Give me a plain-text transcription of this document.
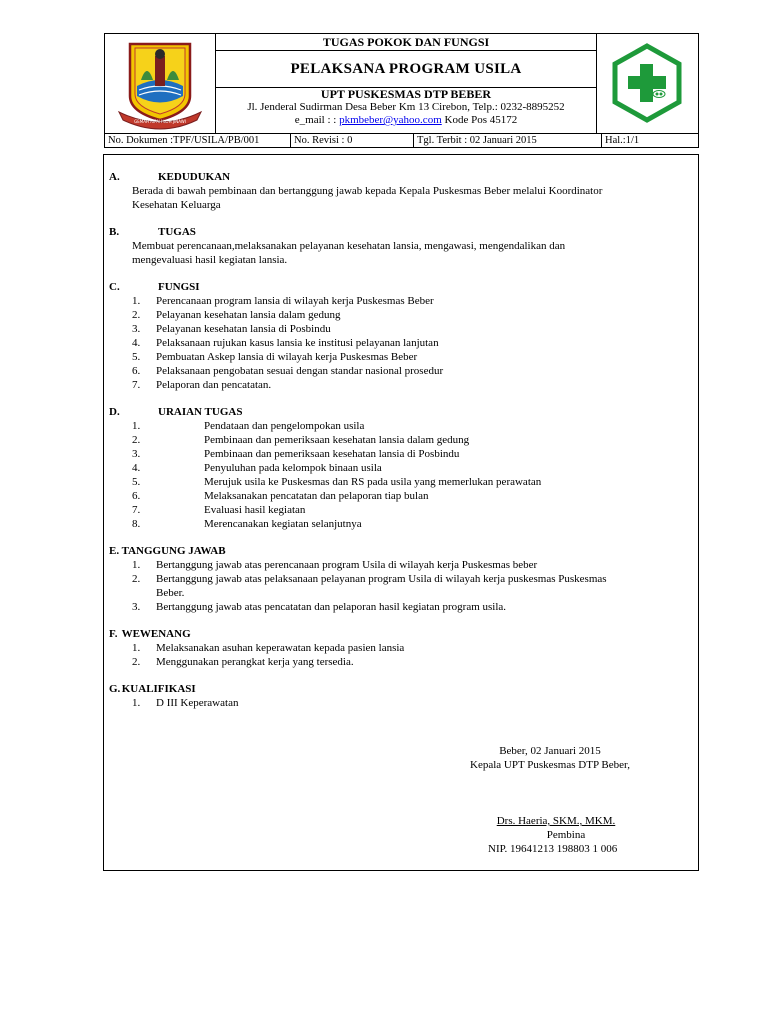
GEMAH RIPAH LOH JINAWI
TUGAS POKOK DAN FUNGSI
PELAKSANA PROGRAM USILA
UPT PUSKESMAS DTP BEBER
Jl. Jenderal Sudirman Desa Beber Km 13 Cirebon, Telp.: 0232-8895252
e_mail : : pkmbeber@yahoo.com Kode Pos 45172
No. Dokumen :TPF/USILA/PB/001	No. Revisi : 0	Tgl. Terbit : 02 Januari 2015	Hal.:1/1
A.	KEDUDUKAN
Berada di bawah pembinaan dan bertanggung jawab kepada Kepala Puskesmas Beber melalui Koordinator
Kesehatan Keluarga
B.	TUGAS
Membuat perencanaan,melaksanakan pelayanan kesehatan lansia, mengawasi, mengendalikan dan
mengevaluasi hasil kegiatan lansia.
C.	FUNGSI
1. Perencanaan program lansia di wilayah kerja Puskesmas Beber
2. Pelayanan kesehatan lansia dalam gedung
3. Pelayanan kesehatan lansia di Posbindu
4. Pelaksanaan rujukan kasus lansia ke institusi pelayanan lanjutan
5. Pembuatan Askep lansia di wilayah kerja Puskesmas Beber
6. Pelaksanaan pengobatan sesuai dengan standar nasional prosedur
7. Pelaporan dan pencatatan.
D.	URAIAN TUGAS
1.	Pendataan dan pengelompokan usila
2.	Pembinaan dan pemeriksaan kesehatan lansia dalam gedung
3.	Pembinaan dan pemeriksaan kesehatan lansia di Posbindu
4.	Penyuluhan pada kelompok binaan usila
5.	Merujuk usila ke Puskesmas dan RS pada usila yang memerlukan perawatan
6.	Melaksanakan pencatatan dan pelaporan tiap bulan
7.	Evaluasi hasil kegiatan
8.	Merencanakan kegiatan selanjutnya
E. TANGGUNG JAWAB
1. Bertanggung jawab atas perencanaan program Usila di wilayah kerja Puskesmas beber
2. Bertanggung jawab atas pelaksanaan pelayanan program Usila di wilayah kerja puskesmas Puskesmas
Beber.
3. Bertanggung jawab atas pencatatan dan pelaporan hasil kegiatan program usila.
F. WEWENANG
1. Melaksanakan asuhan keperawatan kepada pasien lansia
2. Menggunakan perangkat kerja yang tersedia.
G. KUALIFIKASI
1. D III Keperawatan
Beber, 02 Januari 2015
Kepala UPT Puskesmas DTP Beber,
Drs. Haeria, SKM., MKM.
Pembina
NIP. 19641213 198803 1 006
